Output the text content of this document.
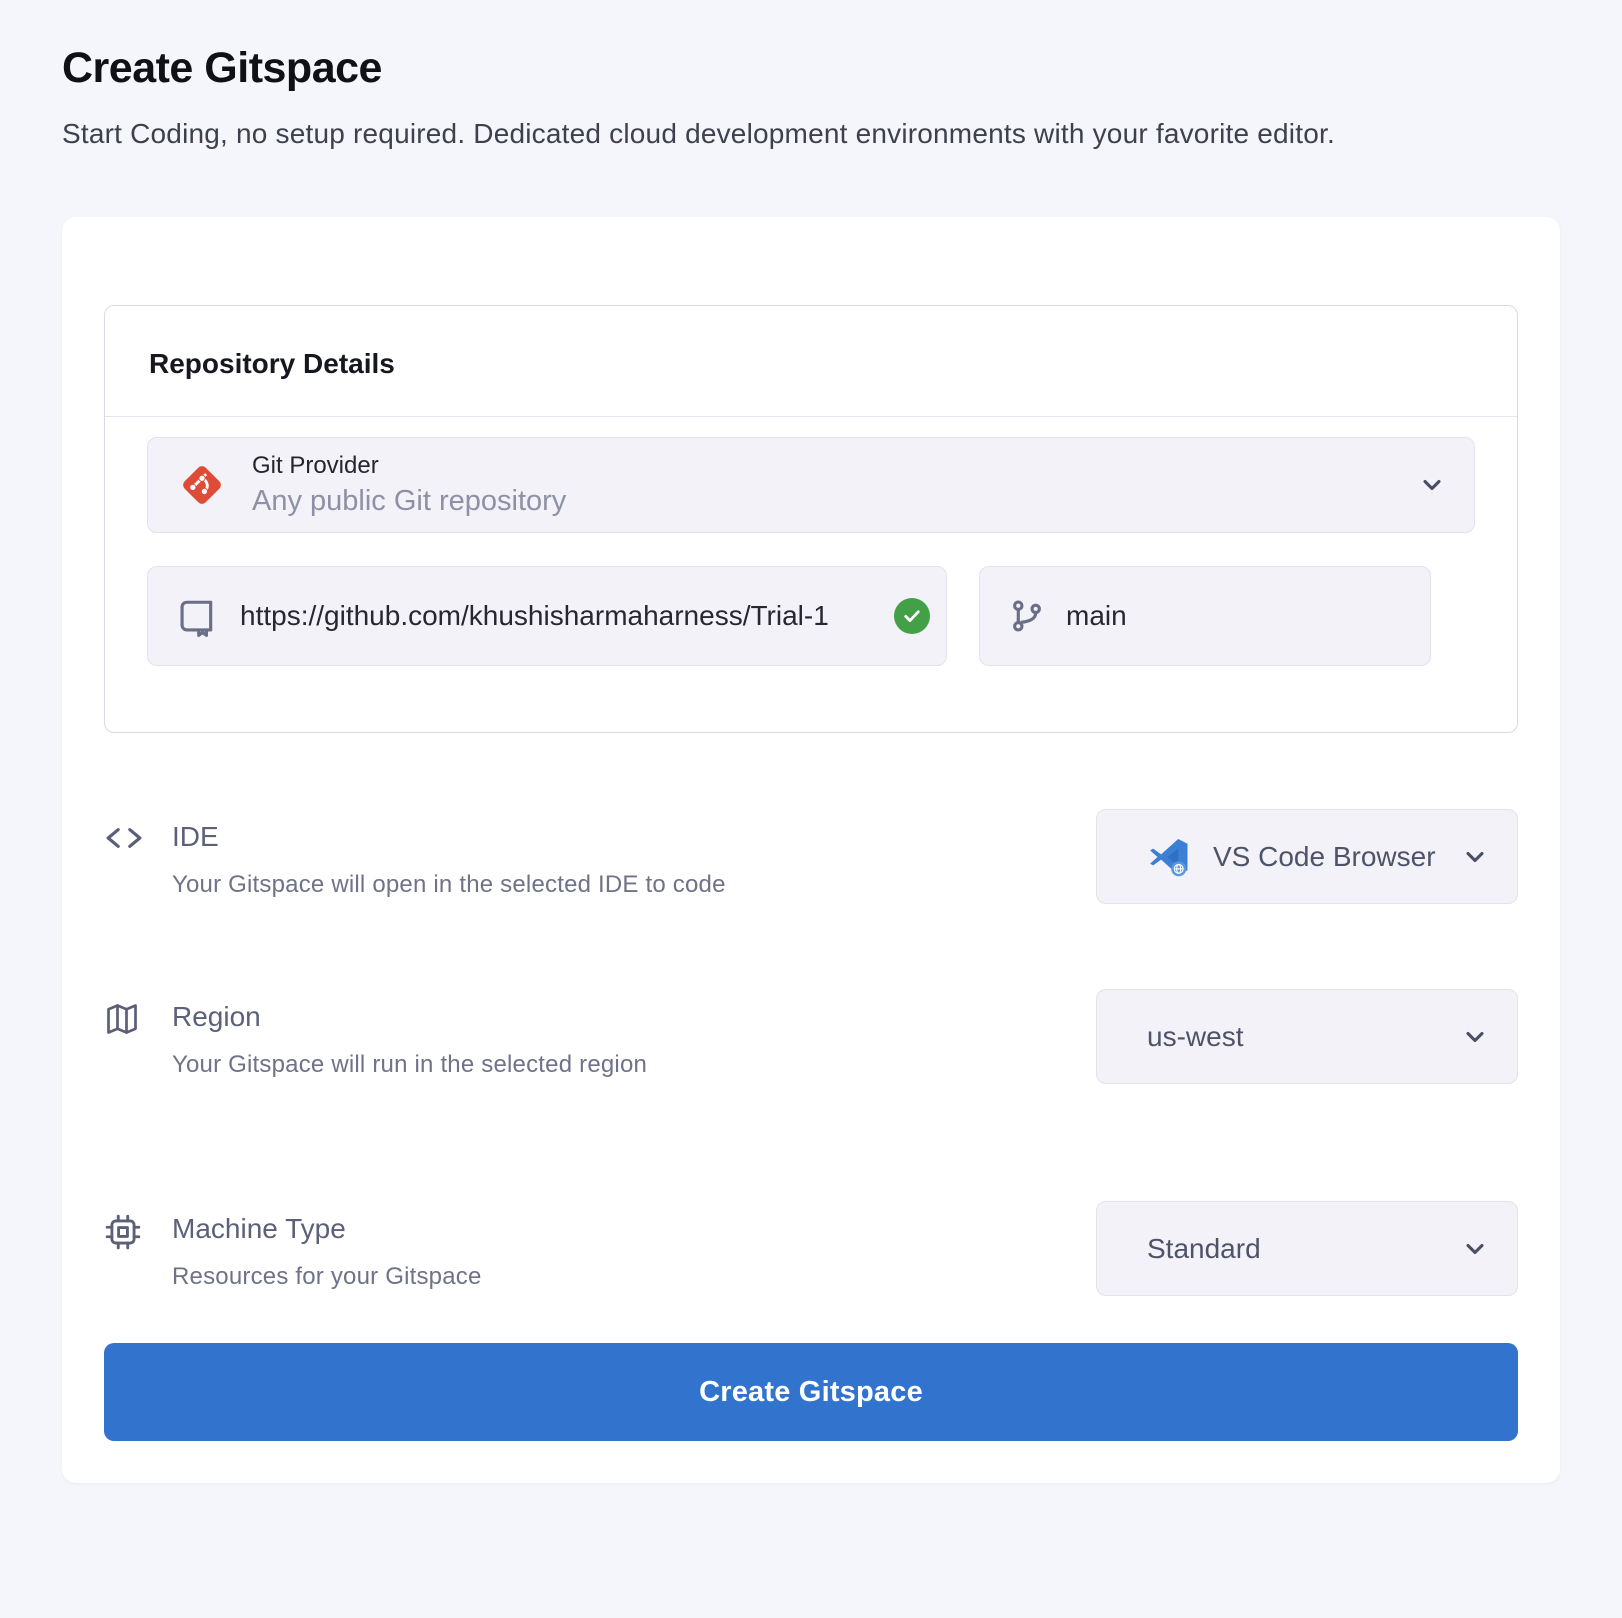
Create Gitspace
Start Coding, no setup required. Dedicated cloud development environments with your favorite editor.
Repository Details
Git Provider
Any public Git repository
https://github.com/khushisharmaharness/Trial-1
main
IDE
Your Gitspace will open in the selected IDE to code
VS Code Browser
Region
Your Gitspace will run in the selected region
us-west
Machine Type
Resources for your Gitspace
Standard
Create Gitspace
